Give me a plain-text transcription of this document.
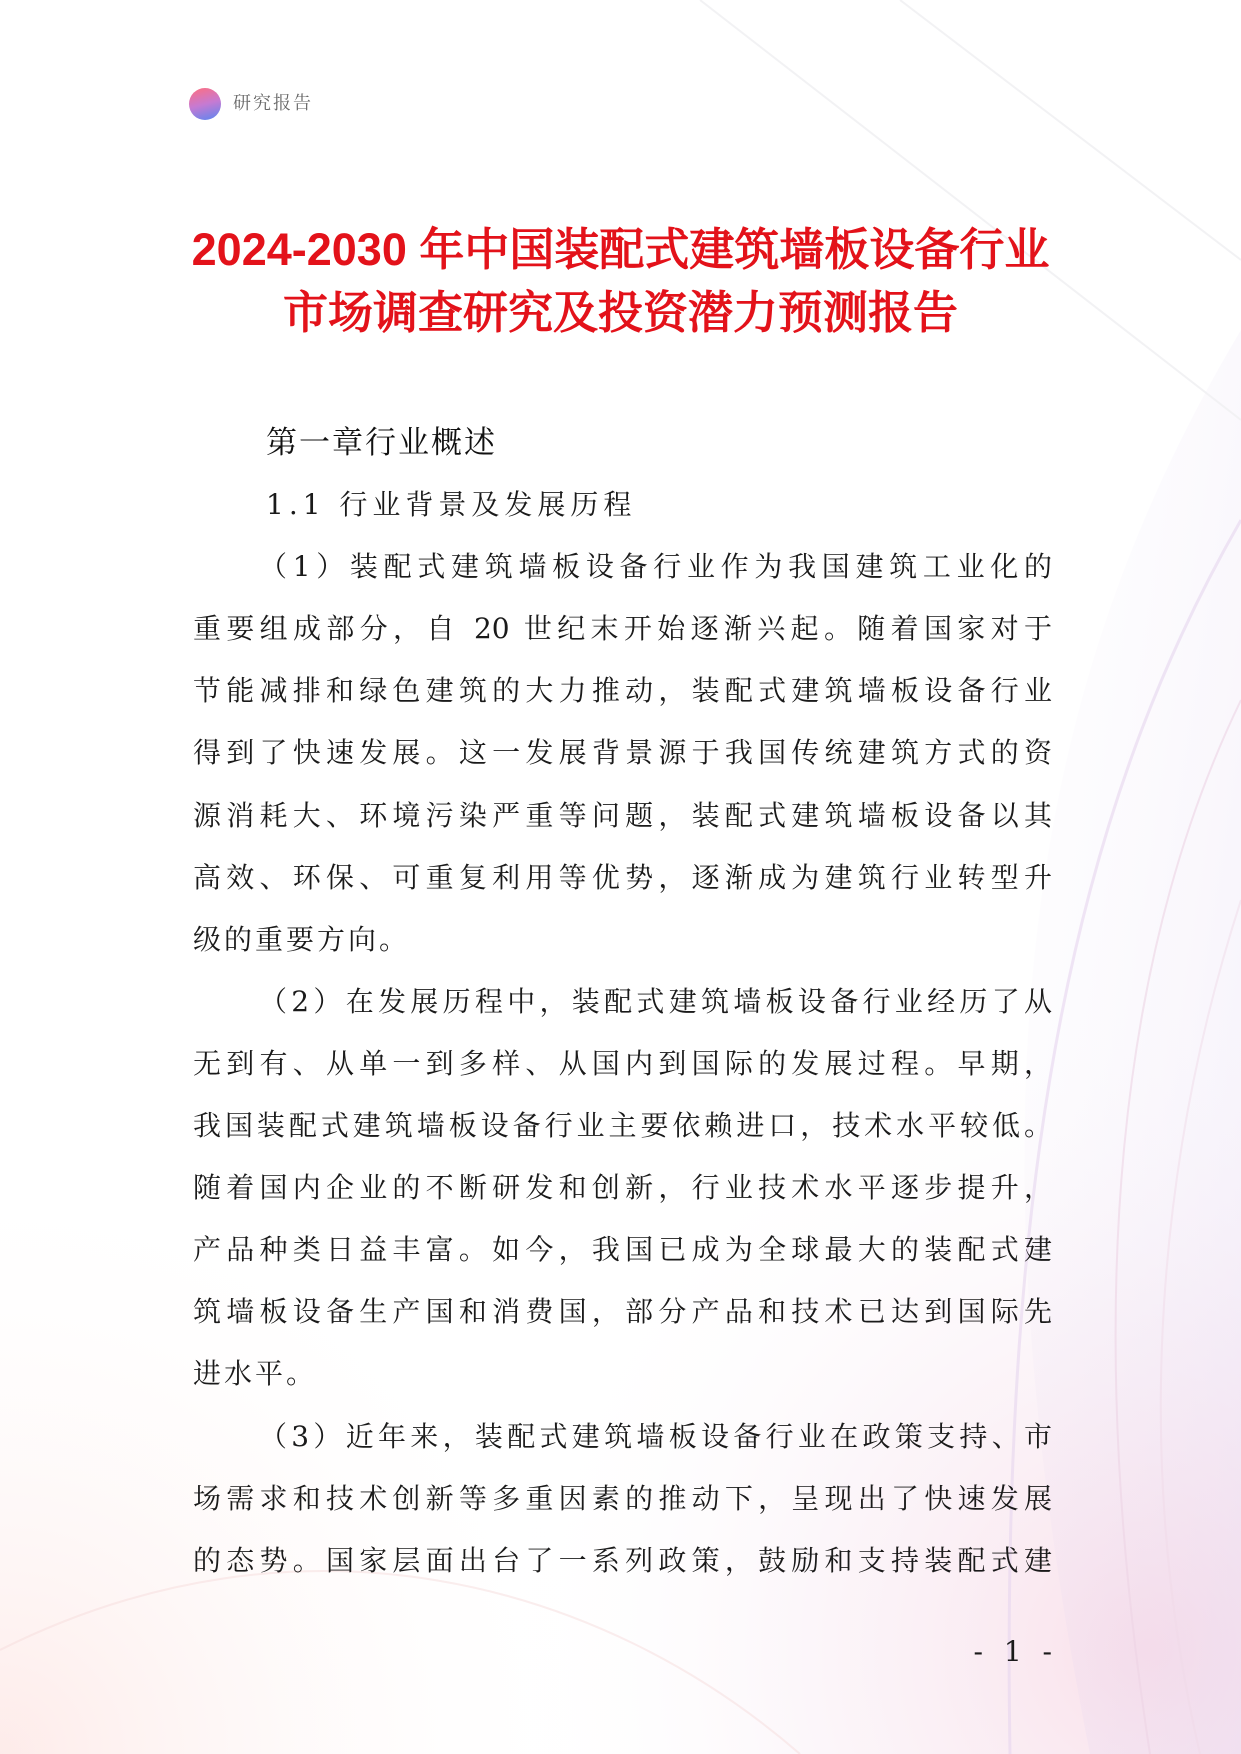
研究报告
2024-2030 年中国装配式建筑墙板设备行业
市场调查研究及投资潜力预测报告
第一章行业概述
1.1 行业背景及发展历程
（1）装配式建筑墙板设备行业作为我国建筑工业化的
重要组成部分，自 20 世纪末开始逐渐兴起。随着国家对于
节能减排和绿色建筑的大力推动，装配式建筑墙板设备行业
得到了快速发展。这一发展背景源于我国传统建筑方式的资
源消耗大、环境污染严重等问题，装配式建筑墙板设备以其
高效、环保、可重复利用等优势，逐渐成为建筑行业转型升
级的重要方向。
（2）在发展历程中，装配式建筑墙板设备行业经历了从
无到有、从单一到多样、从国内到国际的发展过程。早期，
我国装配式建筑墙板设备行业主要依赖进口，技术水平较低。
随着国内企业的不断研发和创新，行业技术水平逐步提升，
产品种类日益丰富。如今，我国已成为全球最大的装配式建
筑墙板设备生产国和消费国，部分产品和技术已达到国际先
进水平。
（3）近年来，装配式建筑墙板设备行业在政策支持、市
场需求和技术创新等多重因素的推动下，呈现出了快速发展
的态势。国家层面出台了一系列政策，鼓励和支持装配式建
- 1 -
